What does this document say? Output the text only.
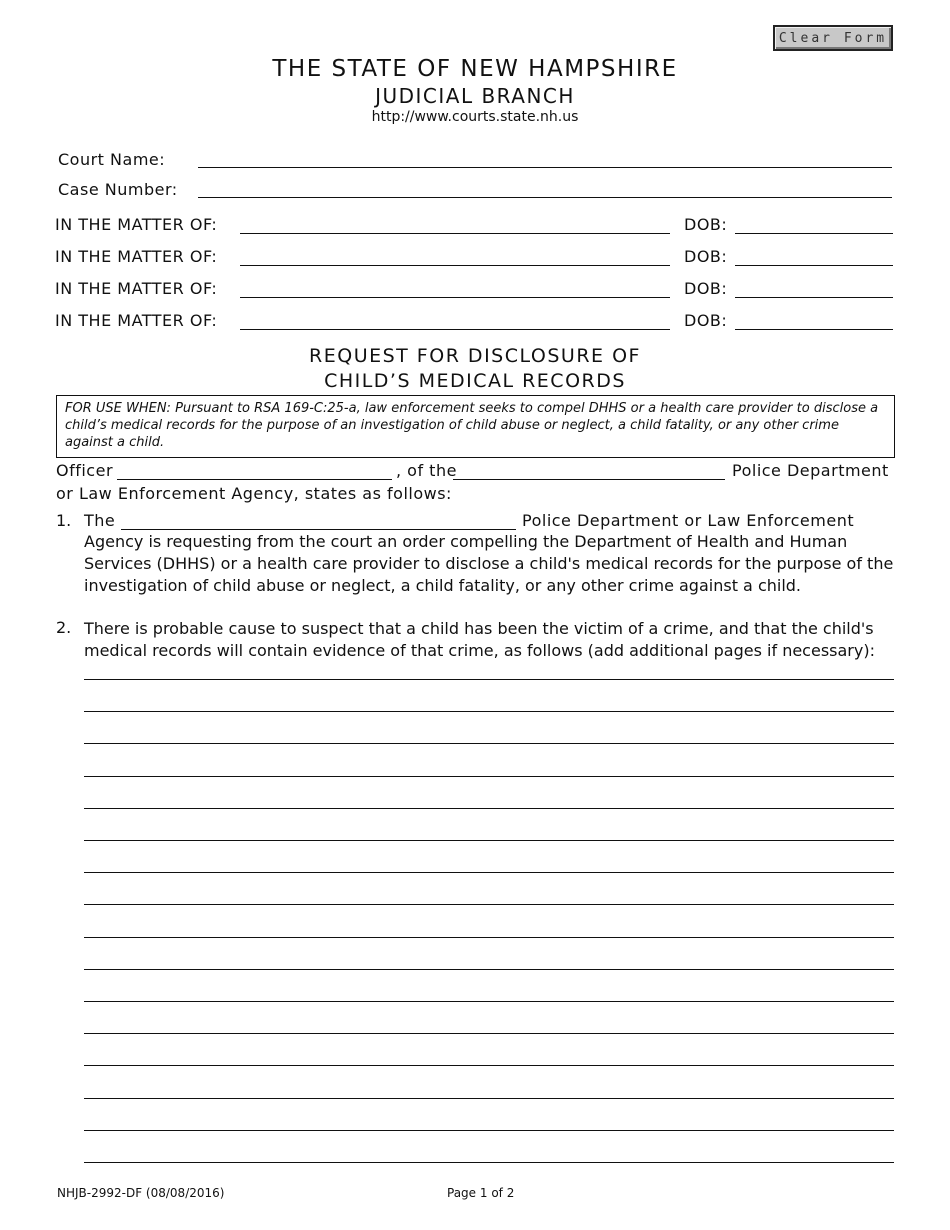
Clear Form
THE STATE OF NEW HAMPSHIRE
JUDICIAL BRANCH
http://www.courts.state.nh.us
Court Name:
Case Number:
IN THE MATTER OF:	DOB:
IN THE MATTER OF:	DOB:
IN THE MATTER OF:	DOB:
IN THE MATTER OF:	DOB:
REQUEST FOR DISCLOSURE OF
CHILD’S MEDICAL RECORDS
FOR USE WHEN: Pursuant to RSA 169-C:25-a, law enforcement seeks to compel DHHS or a health care provider to disclose a child’s medical records for the purpose of an investigation of child abuse or neglect, a child fatality, or any other crime against a child.
Officer	, of the	Police Department
or Law Enforcement Agency, states as follows:
1. The	Police Department or Law Enforcement
Agency is requesting from the court an order compelling the Department of Health and Human Services (DHHS) or a health care provider to disclose a child's medical records for the purpose of the investigation of child abuse or neglect, a child fatality, or any other crime against a child.
2. There is probable cause to suspect that a child has been the victim of a crime, and that the child's medical records will contain evidence of that crime, as follows (add additional pages if necessary):
NHJB-2992-DF (08/08/2016)	Page 1 of 2
